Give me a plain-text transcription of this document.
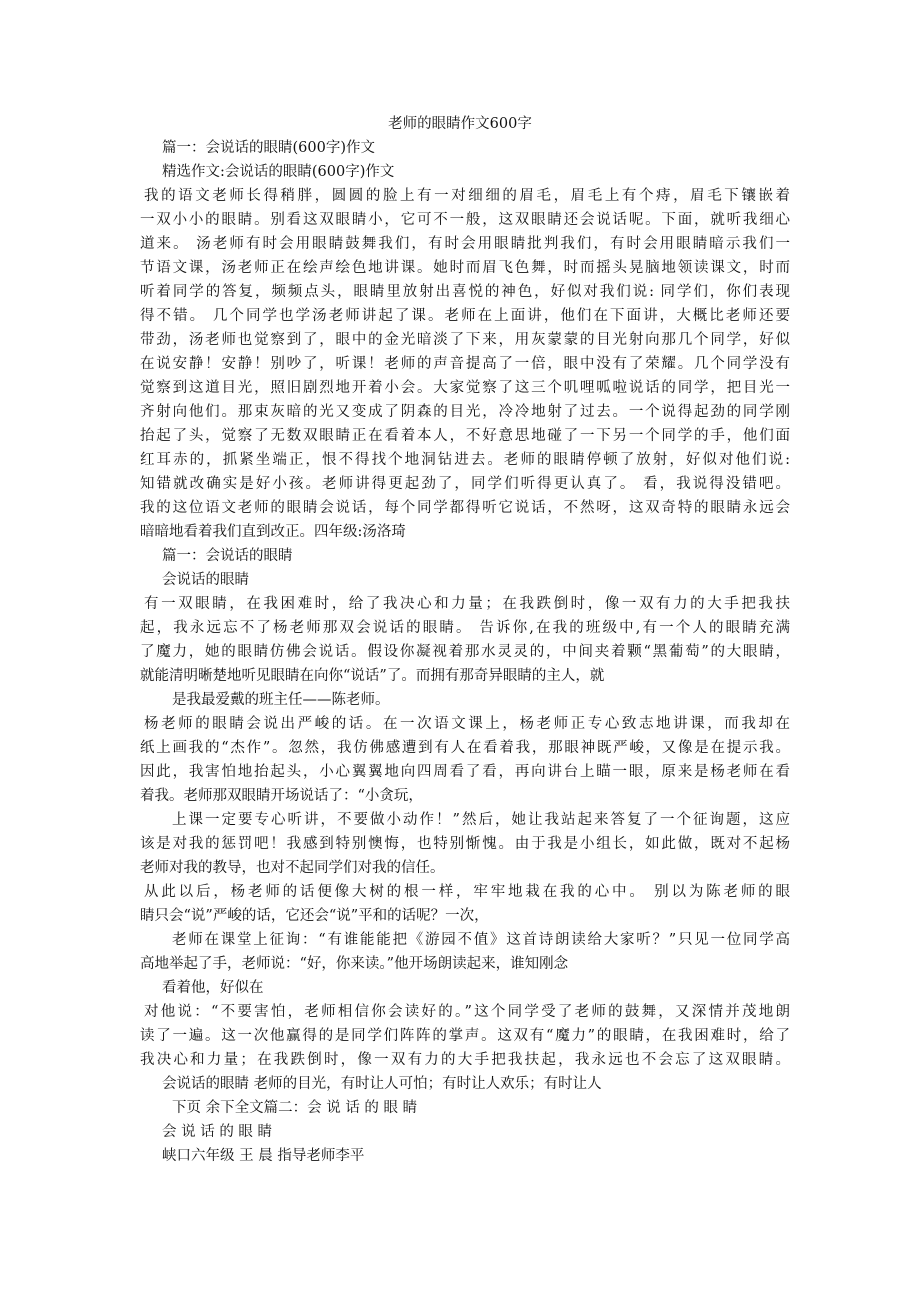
老师的眼睛作文600字
篇一：会说话的眼睛(600字)作文
精选作文:会说话的眼睛(600字)作文
我的语文老师长得稍胖，圆圆的脸上有一对细细的眉毛，眉毛上有个痔，眉毛下镶嵌着
一双小小的眼睛。别看这双眼睛小，它可不一般，这双眼睛还会说话呢。下面，就听我细心
道来。 汤老师有时会用眼睛鼓舞我们，有时会用眼睛批判我们，有时会用眼睛暗示我们一
节语文课，汤老师正在绘声绘色地讲课。她时而眉飞色舞，时而摇头晃脑地领读课文，时而
听着同学的答复，频频点头，眼睛里放射出喜悦的神色，好似对我们说: 同学们，你们表现
得不错。 几个同学也学汤老师讲起了课。老师在上面讲，他们在下面讲，大概比老师还要
带劲，汤老师也觉察到了，眼中的金光暗淡了下来，用灰蒙蒙的目光射向那几个同学，好似
在说安静！安静！别吵了，听课！老师的声音提高了一倍，眼中没有了荣耀。几个同学没有
觉察到这道目光，照旧剧烈地开着小会。大家觉察了这三个叽哩呱啦说话的同学，把目光一
齐射向他们。那束灰暗的光又变成了阴森的目光，冷冷地射了过去。一个说得起劲的同学刚
抬起了头，觉察了无数双眼睛正在看着本人，不好意思地碰了一下另一个同学的手，他们面
红耳赤的，抓紧坐端正，恨不得找个地洞钻进去。老师的眼睛停顿了放射，好似对他们说:
知错就改确实是好小孩。老师讲得更起劲了，同学们听得更认真了。 看，我说得没错吧。
我的这位语文老师的眼睛会说话，每个同学都得听它说话，不然呀，这双奇特的眼睛永远会
暗暗地看着我们直到改正。四年级:汤洛琦
篇一：会说话的眼睛
会说话的眼睛
有一双眼睛，在我困难时，给了我决心和力量；在我跌倒时，像一双有力的大手把我扶
起，我永远忘不了杨老师那双会说话的眼睛。 告诉你,在我的班级中,有一个人的眼睛充满
了魔力，她的眼睛仿佛会说话。假设你凝视着那水灵灵的，中间夹着颗“黑葡萄”的大眼睛，
就能清明晰楚地听见眼睛在向你“说话”了。而拥有那奇异眼睛的主人，就
是我最爱戴的班主任——陈老师。
杨老师的眼睛会说出严峻的话。在一次语文课上，杨老师正专心致志地讲课，而我却在
纸上画我的“杰作”。忽然，我仿佛感遭到有人在看着我，那眼神既严峻，又像是在提示我。
因此，我害怕地抬起头，小心翼翼地向四周看了看，再向讲台上瞄一眼，原来是杨老师在看
着我。老师那双眼睛开场说话了：“小贪玩，
上课一定要专心听讲，不要做小动作！”然后，她让我站起来答复了一个征询题，这应
该是对我的惩罚吧！我感到特别懊悔，也特别惭愧。由于我是小组长，如此做，既对不起杨
老师对我的教导，也对不起同学们对我的信任。
从此以后，杨老师的话便像大树的根一样，牢牢地栽在我的心中。 别以为陈老师的眼
睛只会“说”严峻的话，它还会“说”平和的话呢？一次，
老师在课堂上征询：“有谁能能把《游园不值》这首诗朗读给大家听？”只见一位同学高
高地举起了手，老师说：“好，你来读。”他开场朗读起来，谁知刚念
看着他，好似在
对他说：“不要害怕，老师相信你会读好的。”这个同学受了老师的鼓舞，又深情并茂地朗
读了一遍。这一次他赢得的是同学们阵阵的掌声。这双有“魔力”的眼睛，在我困难时，给了
我决心和力量；在我跌倒时，像一双有力的大手把我扶起，我永远也不会忘了这双眼睛。
会说话的眼睛 老师的目光，有时让人可怕；有时让人欢乐；有时让人
下页 余下全文篇二：会 说 话 的 眼 睛
会 说 话 的 眼 睛
峡口六年级 王 晨 指导老师李平
